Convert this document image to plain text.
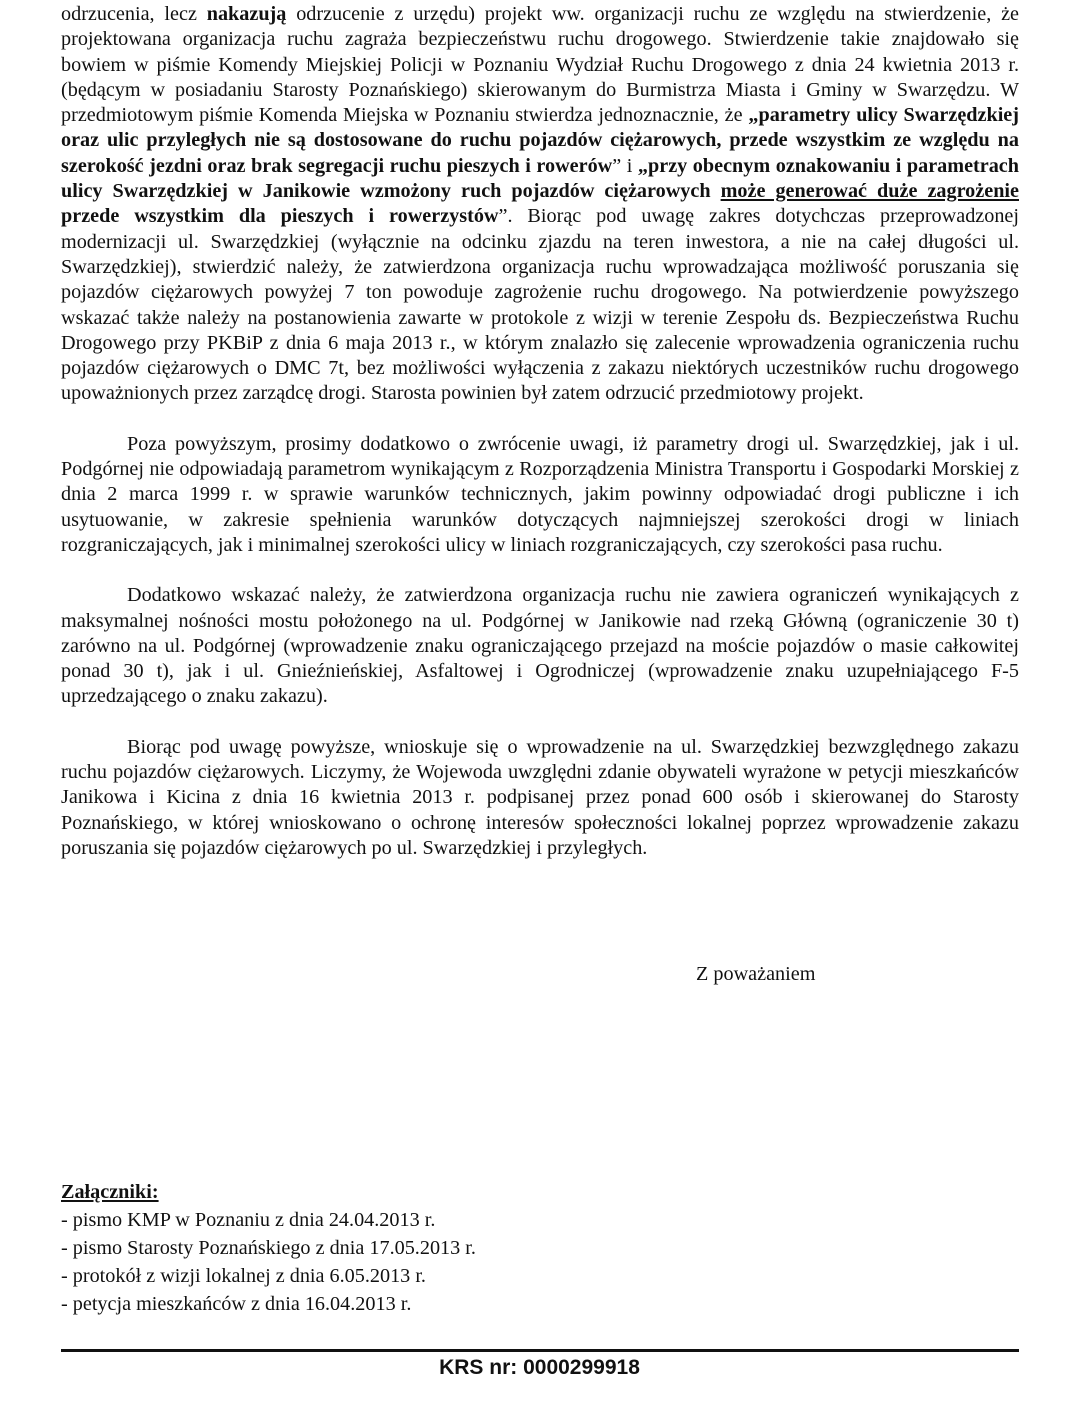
odrzucenia, lecz nakazują odrzucenie z urzędu) projekt ww. organizacji ruchu ze względu na stwierdzenie, że projektowana organizacja ruchu zagraża bezpieczeństwu ruchu drogowego. Stwierdzenie takie znajdowało się bowiem w piśmie Komendy Miejskiej Policji w Poznaniu Wydział Ruchu Drogowego z dnia 24 kwietnia 2013 r. (będącym w posiadaniu Starosty Poznańskiego) skierowanym do Burmistrza Miasta i Gminy w Swarzędzu. W przedmiotowym piśmie Komenda Miejska w Poznaniu stwierdza jednoznacznie, że „parametry ulicy Swarzędzkiej oraz ulic przyległych nie są dostosowane do ruchu pojazdów ciężarowych, przede wszystkim ze względu na szerokość jezdni oraz brak segregacji ruchu pieszych i rowerów” i „przy obecnym oznakowaniu i parametrach ulicy Swarzędzkiej w Janikowie wzmożony ruch pojazdów ciężarowych może generować duże zagrożenie przede wszystkim dla pieszych i rowerzystów”. Biorąc pod uwagę zakres dotychczas przeprowadzonej modernizacji ul. Swarzędzkiej (wyłącznie na odcinku zjazdu na teren inwestora, a nie na całej długości ul. Swarzędzkiej), stwierdzić należy, że zatwierdzona organizacja ruchu wprowadzająca możliwość poruszania się pojazdów ciężarowych powyżej 7 ton powoduje zagrożenie ruchu drogowego. Na potwierdzenie powyższego wskazać także należy na postanowienia zawarte w protokole z wizji w terenie Zespołu ds. Bezpieczeństwa Ruchu Drogowego przy PKBiP z dnia 6 maja 2013 r., w którym znalazło się zalecenie wprowadzenia ograniczenia ruchu pojazdów ciężarowych o DMC 7t, bez możliwości wyłączenia z zakazu niektórych uczestników ruchu drogowego upoważnionych przez zarządcę drogi. Starosta powinien był zatem odrzucić przedmiotowy projekt.

Poza powyższym, prosimy dodatkowo o zwrócenie uwagi, iż parametry drogi ul. Swarzędzkiej, jak i ul. Podgórnej nie odpowiadają parametrom wynikającym z Rozporządzenia Ministra Transportu i Gospodarki Morskiej z dnia 2 marca 1999 r. w sprawie warunków technicznych, jakim powinny odpowiadać drogi publiczne i ich usytuowanie, w zakresie spełnienia warunków dotyczących najmniejszej szerokości drogi w liniach rozgraniczających, jak i minimalnej szerokości ulicy w liniach rozgraniczających, czy szerokości pasa ruchu.

Dodatkowo wskazać należy, że zatwierdzona organizacja ruchu nie zawiera ograniczeń wynikających z maksymalnej nośności mostu położonego na ul. Podgórnej w Janikowie nad rzeką Główną (ograniczenie 30 t) zarówno na ul. Podgórnej (wprowadzenie znaku ograniczającego przejazd na moście pojazdów o masie całkowitej ponad 30 t), jak i ul. Gnieźnieńskiej, Asfaltowej i Ogrodniczej (wprowadzenie znaku uzupełniającego F-5 uprzedzającego o znaku zakazu).

Biorąc pod uwagę powyższe, wnioskuje się o wprowadzenie na ul. Swarzędzkiej bezwzględnego zakazu ruchu pojazdów ciężarowych. Liczymy, że Wojewoda uwzględni zdanie obywateli wyrażone w petycji mieszkańców Janikowa i Kicina z dnia 16 kwietnia 2013 r. podpisanej przez ponad 600 osób i skierowanej do Starosty Poznańskiego, w której wnioskowano o ochronę interesów społeczności lokalnej poprzez wprowadzenie zakazu poruszania się pojazdów ciężarowych po ul. Swarzędzkiej i przyległych.

Z poważaniem
Załączniki:
- pismo KMP w Poznaniu z dnia 24.04.2013 r.
- pismo Starosty Poznańskiego z dnia 17.05.2013 r.
- protokół z wizji lokalnej z dnia 6.05.2013 r.
- petycja mieszkańców z dnia 16.04.2013 r.
KRS nr: 0000299918
